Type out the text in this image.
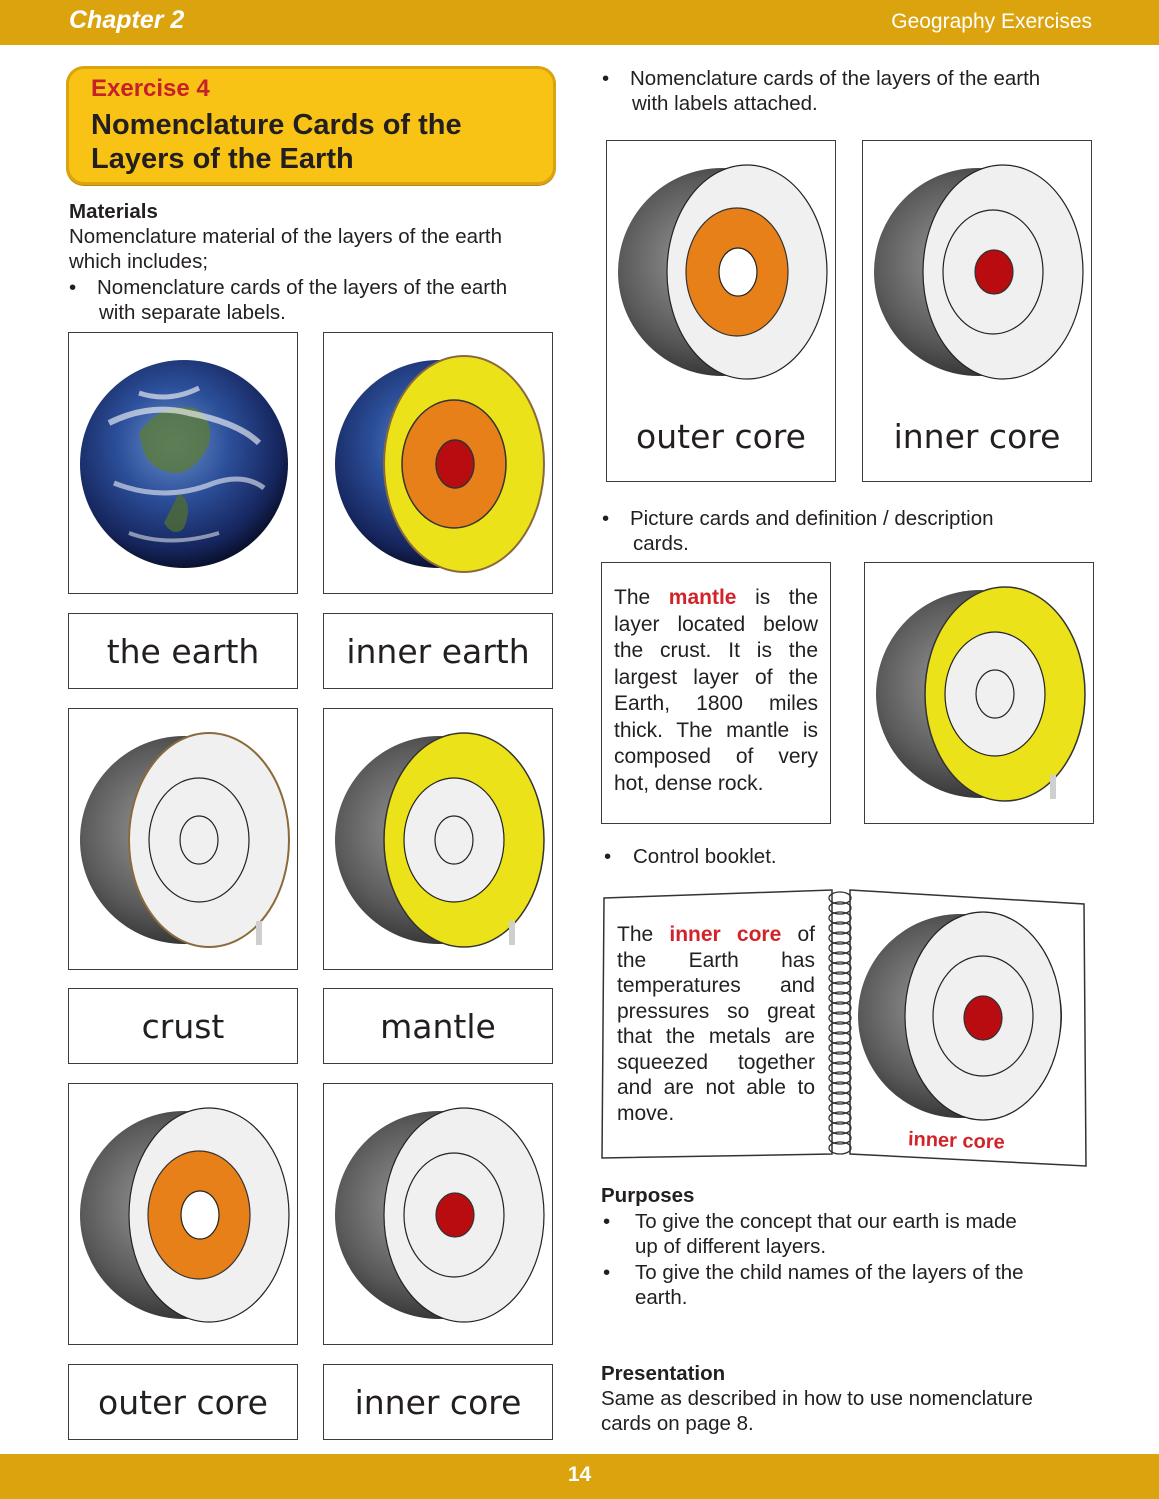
Chapter 2	Geography Exercises
Exercise 4
Nomenclature Cards of the Layers of the Earth
Materials
Nomenclature material of the layers of the earth
which includes;
• Nomenclature cards of the layers of the earth
with separate labels.
the earth	inner earth
crust	mantle
outer core	inner core
• Nomenclature cards of the layers of the earth
with labels attached.
outer core	inner core
• Picture cards and definition / description
cards.
The mantle is the layer located below the crust. It is the largest layer of the Earth, 1800 miles thick. The mantle is composed of very hot, dense rock.
• Control booklet.
The inner core of the Earth has temperatures and pressures so great that the metals are squeezed together and are not able to move.
inner core
Purposes
• To give the concept that our earth is made
up of different layers.
• To give the child names of the layers of the
earth.
Presentation
Same as described in how to use nomenclature
cards on page 8.
14
